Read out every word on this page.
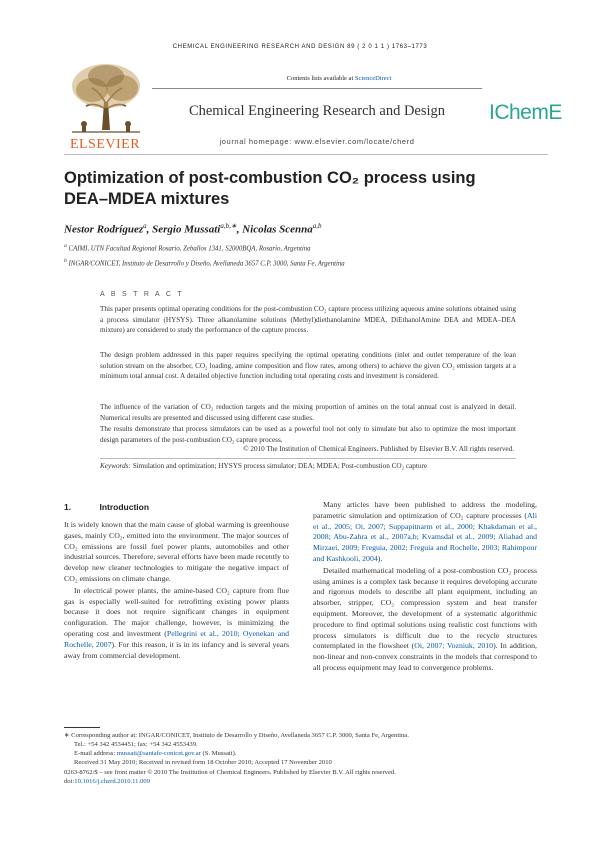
CHEMICAL ENGINEERING RESEARCH AND DESIGN 89 ( 2 0 1 1 ) 1763–1773
ELSEVIER
Contents lists available at ScienceDirect
Chemical Engineering Research and Design
journal homepage: www.elsevier.com/locate/cherd
IChemE
Optimization of post-combustion CO₂ process using
DEA–MDEA mixtures
Nestor Rodríguez$^a$, Sergio Mussati$^{a,b,∗}$, Nicolas Scenna$^{a,b}$
$^a$ CAIMI, UTN Facultad Regional Rosario, Zeballos 1341, S2000BQA, Rosario, Argentina
$^b$ INGAR/CONICET, Instituto de Desarrollo y Diseño, Avellaneda 3657 C.P. 3000, Santa Fe, Argentina
A B S T R A C T
This paper presents optimal operating conditions for the post-combustion CO₂ capture process utilizing aqueous amine solutions obtained using a process simulator (HYSYS). Three alkanolamine solutions (Methyl)diethanolamine MDEA, DiEthanolAmine DEA and MDEA–DEA mixture) are considered to study the performance of the capture process.
The design problem addressed in this paper requires specifying the optimal operating conditions (inlet and outlet temperature of the lean solution stream on the absorber, CO₂ loading, amine composition and flow rates, among others) to achieve the given CO₂ emission targets at a minimum total annual cost. A detailed objective function including total operating costs and investment is considered.
The influence of the variation of CO₂ reduction targets and the mixing proportion of amines on the total annual cost is analyzed in detail. Numerical results are presented and discussed using different case studies.
The results demonstrate that process simulators can be used as a powerful tool not only to simulate but also to optimize the most important design parameters of the post-combustion CO₂ capture process.
© 2010 The Institution of Chemical Engineers. Published by Elsevier B.V. All rights reserved.
Keywords: Simulation and optimization; HYSYS process simulator; DEA; MDEA; Post-combustion CO₂ capture
1.	Introduction

It is widely known that the main cause of global warming is greenhouse gases, mainly CO₂, emitted into the environment. The major sources of CO₂ emissions are fossil fuel power plants, automobiles and other industrial sources. Therefore, several efforts have been made recently to develop new cleaner technologies to mitigate the negative impact of CO₂ emissions on climate change.

In electrical power plants, the amine-based CO₂ capture from flue gas is especially well-suited for retrofitting existing power plants because it does not require significant changes in equipment configuration. The major challenge, however, is minimizing the operating cost and investment (Pellegrini et al., 2010; Oyenekan and Rochelle, 2007). For this reason, it is in its infancy and is several years away from commercial development.

Many articles have been published to address the modeling, parametric simulation and optimization of CO₂ capture processes (Ali et al., 2005; Oi, 2007; Suppapitnarm et al., 2000; Khakdaman et al., 2008; Abu-Zahra et al., 2007a,b; Kvamsdal et al., 2009; Aliabad and Mirzaei, 2009; Freguia, 2002; Freguia and Rochelle, 2003; Rahimpour and Kashkooli, 2004).

Detailed mathematical modeling of a post-combustion CO₂ process using amines is a complex task because it requires developing accurate and rigorous models to describe all plant equipment, including an absorber, stripper, CO₂ compression system and heat transfer equipment. Moreover, the development of a systematic algorithmic procedure to find optimal solutions using realistic cost functions with process simulators is difficult due to the recycle structures contemplated in the flowsheet (Oi, 2007; Vozniuk, 2010). In addition, non-linear and non-convex constraints in the models that correspond to all process equipment may lead to convergence problems.

∗ Corresponding author at: INGAR/CONICET, Instituto de Desarrollo y Diseño, Avellaneda 3657 C.P. 3000, Santa Fe, Argentina.
Tel.: +54 342 4534451; fax: +54 342 4553439.
E-mail address: mussati@santafe-conicet.gov.ar (S. Mussati).
Received 31 May 2010; Received in revised form 18 October 2010; Accepted 17 November 2010
0263-8762/$ – see front matter © 2010 The Institution of Chemical Engineers. Published by Elsevier B.V. All rights reserved.
doi:10.1016/j.cherd.2010.11.009
